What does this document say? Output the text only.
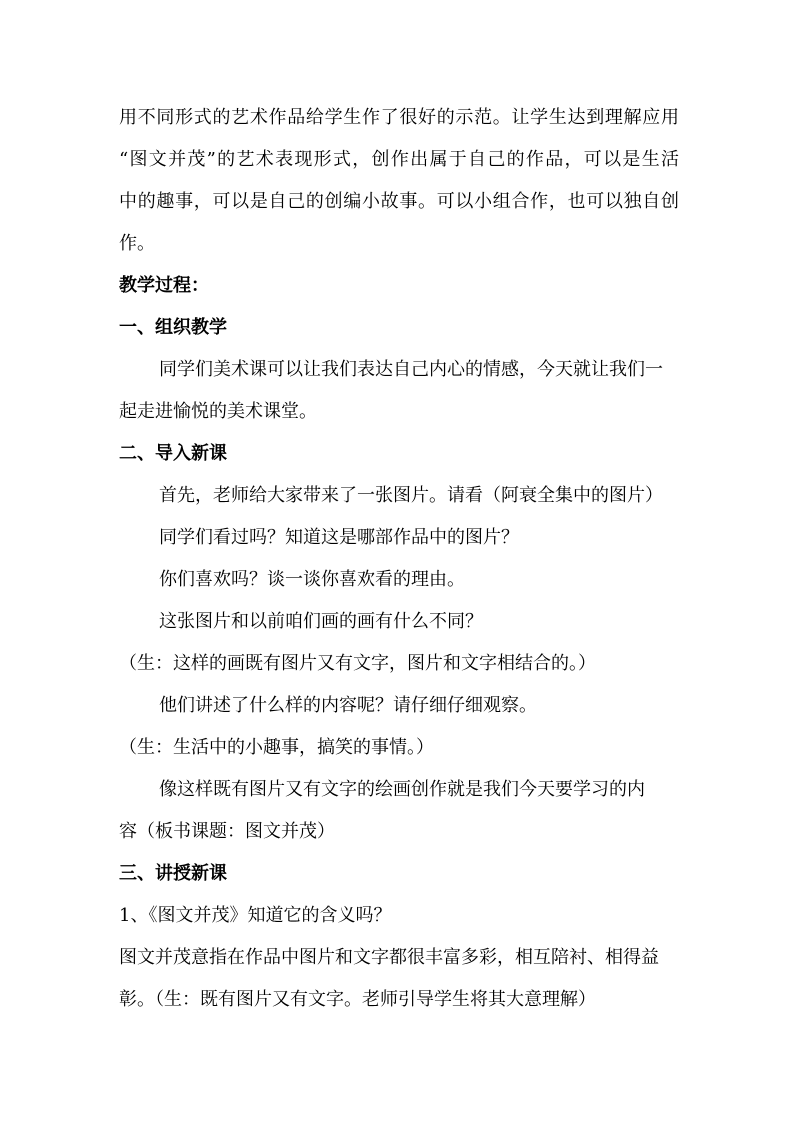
用不同形式的艺术作品给学生作了很好的示范。让学生达到理解应用
“图文并茂”的艺术表现形式，创作出属于自己的作品，可以是生活
中的趣事，可以是自己的创编小故事。可以小组合作，也可以独自创
作。
教学过程：
一、组织教学
同学们美术课可以让我们表达自己内心的情感，今天就让我们一
起走进愉悦的美术课堂。
二、导入新课
首先，老师给大家带来了一张图片。请看（阿衰全集中的图片）
同学们看过吗？知道这是哪部作品中的图片？
你们喜欢吗？谈一谈你喜欢看的理由。
这张图片和以前咱们画的画有什么不同？
（生：这样的画既有图片又有文字，图片和文字相结合的。）
他们讲述了什么样的内容呢？请仔细仔细观察。
（生：生活中的小趣事，搞笑的事情。）
像这样既有图片又有文字的绘画创作就是我们今天要学习的内
容（板书课题：图文并茂）
三、讲授新课
1、《图文并茂》知道它的含义吗？
图文并茂意指在作品中图片和文字都很丰富多彩，相互陪衬、相得益
彰。（生：既有图片又有文字。老师引导学生将其大意理解）
